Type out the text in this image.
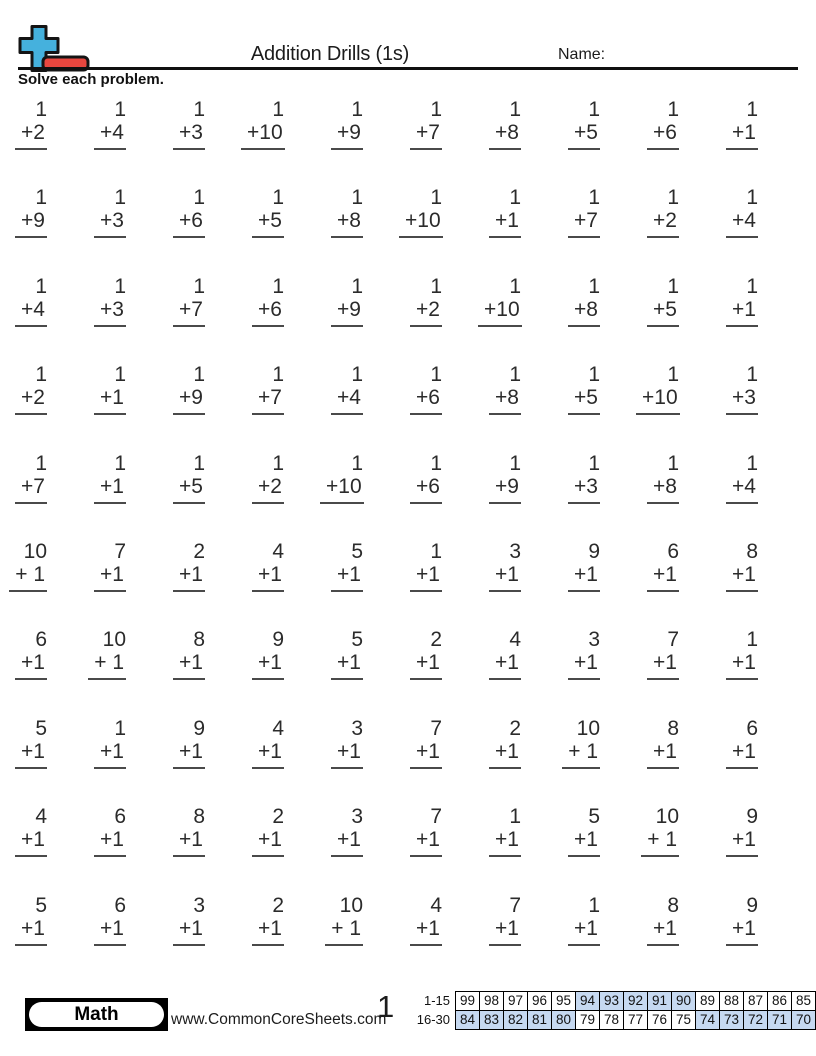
Addition Drills (1s)	Name:
Solve each problem.
1
+2
1
+4
1
+3
1
+10
1
+9
1
+7
1
+8
1
+5
1
+6
1
+1
1
+9
1
+3
1
+6
1
+5
1
+8
1
+10
1
+1
1
+7
1
+2
1
+4
1
+4
1
+3
1
+7
1
+6
1
+9
1
+2
1
+10
1
+8
1
+5
1
+1
1
+2
1
+1
1
+9
1
+7
1
+4
1
+6
1
+8
1
+5
1
+10
1
+3
1
+7
1
+1
1
+5
1
+2
1
+10
1
+6
1
+9
1
+3
1
+8
1
+4
10
+ 1
7
+1
2
+1
4
+1
5
+1
1
+1
3
+1
9
+1
6
+1
8
+1
6
+1
10
+ 1
8
+1
9
+1
5
+1
2
+1
4
+1
3
+1
7
+1
1
+1
5
+1
1
+1
9
+1
4
+1
3
+1
7
+1
2
+1
10
+ 1
8
+1
6
+1
4
+1
6
+1
8
+1
2
+1
3
+1
7
+1
1
+1
5
+1
10
+ 1
9
+1
5
+1
6
+1
3
+1
2
+1
10
+ 1
4
+1
7
+1
1
+1
8
+1
9
+1
Math	www.CommonCoreSheets.com
1 1-15	99	98	97	96	95	94	93	92	91	90	89	88	87	86	85
16-30	84	83	82	81	80	79	78	77	76	75	74	73	72	71	70
